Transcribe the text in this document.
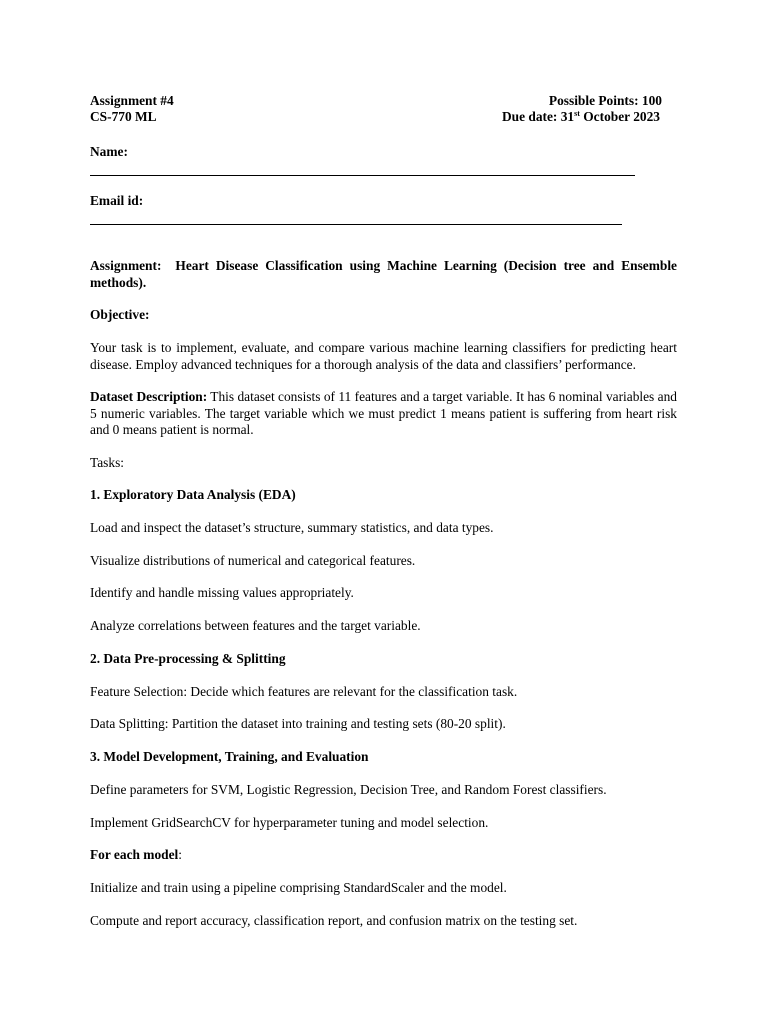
Assignment #4
CS-770 ML
Possible Points: 100
Due date: 31st October 2023
Name:
Email id:
Assignment: Heart Disease Classification using Machine Learning (Decision tree and Ensemble methods).
Objective:
Your task is to implement, evaluate, and compare various machine learning classifiers for predicting heart disease. Employ advanced techniques for a thorough analysis of the data and classifiers’ performance.
Dataset Description: This dataset consists of 11 features and a target variable. It has 6 nominal variables and 5 numeric variables. The target variable which we must predict 1 means patient is suffering from heart risk and 0 means patient is normal.
Tasks:
1. Exploratory Data Analysis (EDA)
Load and inspect the dataset’s structure, summary statistics, and data types.
Visualize distributions of numerical and categorical features.
Identify and handle missing values appropriately.
Analyze correlations between features and the target variable.
2. Data Pre-processing & Splitting
Feature Selection: Decide which features are relevant for the classification task.
Data Splitting: Partition the dataset into training and testing sets (80-20 split).
3. Model Development, Training, and Evaluation
Define parameters for SVM, Logistic Regression, Decision Tree, and Random Forest classifiers.
Implement GridSearchCV for hyperparameter tuning and model selection.
For each model:
Initialize and train using a pipeline comprising StandardScaler and the model.
Compute and report accuracy, classification report, and confusion matrix on the testing set.
